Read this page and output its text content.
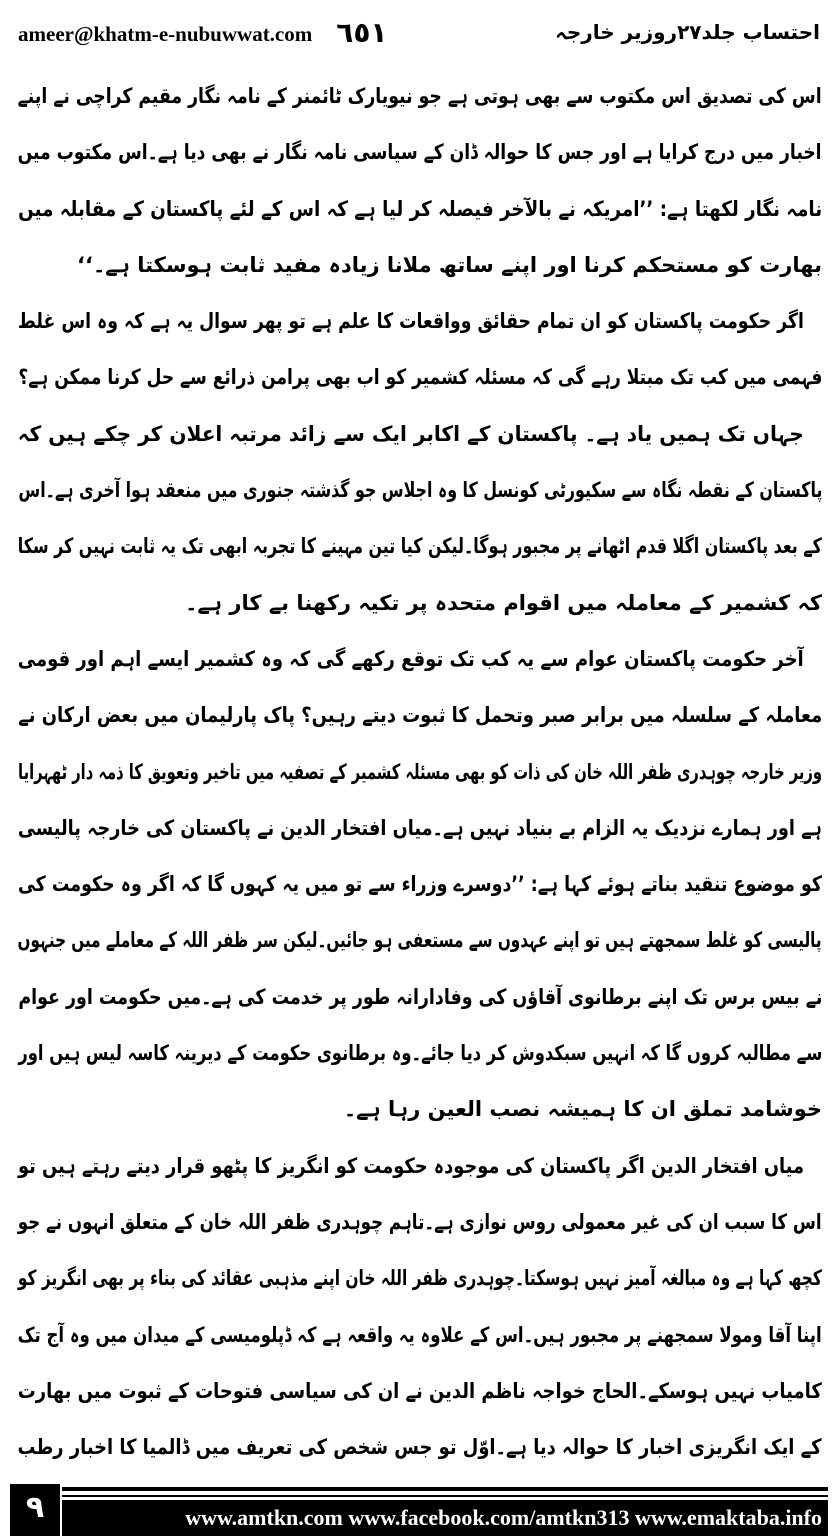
ameer@khatm-e-nubuwwat.com ٦٥١	احتساب جلد۲۷روزیر خارجہ
اس کی تصدیق اس مکتوب سے بھی ہوتی ہے جو نیویارک ٹائمنر کے نامہ نگار مقیم کراچی نے اپنے
اخبار میں درج کرایا ہے اور جس کا حوالہ ڈان کے سیاسی نامہ نگار نے بھی دیا ہے۔اس مکتوب میں
نامہ نگار لکھتا ہے: ’’امریکہ نے بالآخر فیصلہ کر لیا ہے کہ اس کے لئے پاکستان کے مقابلہ میں
بھارت کو مستحکم کرنا اور اپنے ساتھ ملانا زیادہ مفید ثابت ہوسکتا ہے۔‘‘
اگر حکومت پاکستان کو ان تمام حقائق وواقعات کا علم ہے تو پھر سوال یہ ہے کہ وہ اس غلط
فہمی میں کب تک مبتلا رہے گی کہ مسئلہ کشمیر کو اب بھی پرامن ذرائع سے حل کرنا ممکن ہے؟
جہاں تک ہمیں یاد ہے۔ پاکستان کے اکابر ایک سے زائد مرتبہ اعلان کر چکے ہیں کہ
پاکستان کے نقطہ نگاہ سے سکیورٹی کونسل کا وہ اجلاس جو گذشتہ جنوری میں منعقد ہوا آخری ہے۔اس
کے بعد پاکستان اگلا قدم اٹھانے پر مجبور ہوگا۔لیکن کیا تین مہینے کا تجربہ ابھی تک یہ ثابت نہیں کر سکا
کہ کشمیر کے معاملہ میں اقوام متحدہ پر تکیہ رکھنا بے کار ہے۔
آخر حکومت پاکستان عوام سے یہ کب تک توقع رکھے گی کہ وہ کشمیر ایسے اہم اور قومی
معاملہ کے سلسلہ میں برابر صبر وتحمل کا ثبوت دیتے رہیں؟ پاک پارلیمان میں بعض ارکان نے
وزیر خارجہ چوہدری ظفر اللہ خان کی ذات کو بھی مسئلہ کشمیر کے تصفیہ میں تاخیر وتعویق کا ذمہ دار ٹھہرایا
ہے اور ہمارے نزدیک یہ الزام بے بنیاد نہیں ہے۔میاں افتخار الدین نے پاکستان کی خارجہ پالیسی
کو موضوع تنقید بناتے ہوئے کہا ہے: ’’دوسرے وزراء سے تو میں یہ کہوں گا کہ اگر وہ حکومت کی
پالیسی کو غلط سمجھتے ہیں تو اپنے عہدوں سے مستعفی ہو جائیں۔لیکن سر ظفر اللہ کے معاملے میں جنہوں
نے بیس برس تک اپنے برطانوی آقاؤں کی وفادارانہ طور پر خدمت کی ہے۔میں حکومت اور عوام
سے مطالبہ کروں گا کہ انہیں سبکدوش کر دیا جائے۔وہ برطانوی حکومت کے دیرینہ کاسہ لیس ہیں اور
خوشامد تملق ان کا ہمیشہ نصب العین رہا ہے۔
میاں افتخار الدین اگر پاکستان کی موجودہ حکومت کو انگریز کا پٹھو قرار دیتے رہتے ہیں تو
اس کا سبب ان کی غیر معمولی روس نوازی ہے۔تاہم چوہدری ظفر اللہ خان کے متعلق انہوں نے جو
کچھ کہا ہے وہ مبالغہ آمیز نہیں ہوسکتا۔چوہدری ظفر اللہ خان اپنے مذہبی عقائد کی بناء پر بھی انگریز کو
اپنا آقا ومولا سمجھنے پر مجبور ہیں۔اس کے علاوہ یہ واقعہ ہے کہ ڈپلومیسی کے میدان میں وہ آج تک
کامیاب نہیں ہوسکے۔الحاج خواجہ ناظم الدین نے ان کی سیاسی فتوحات کے ثبوت میں بھارت
کے ایک انگریزی اخبار کا حوالہ دیا ہے۔اوّل تو جس شخص کی تعریف میں ڈالمیا کا اخبار رطب
٩	www.amtkn.com www.facebook.com/amtkn313 www.emaktaba.info
